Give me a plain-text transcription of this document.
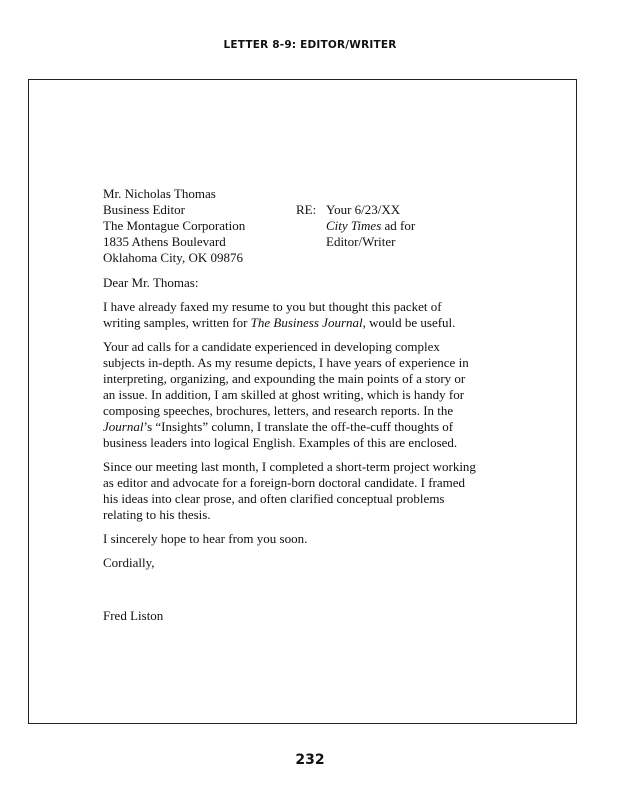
LETTER 8-9: EDITOR/WRITER
Mr. Nicholas Thomas
Business Editor
The Montague Corporation
1835 Athens Boulevard
Oklahoma City, OK 09876
RE: Your 6/23/XX
City Times ad for
Editor/Writer
Dear Mr. Thomas:
I have already faxed my resume to you but thought this packet of
writing samples, written for The Business Journal, would be useful.
Your ad calls for a candidate experienced in developing complex
subjects in-depth. As my resume depicts, I have years of experience in
interpreting, organizing, and expounding the main points of a story or
an issue. In addition, I am skilled at ghost writing, which is handy for
composing speeches, brochures, letters, and research reports. In the
Journal’s “Insights” column, I translate the off-the-cuff thoughts of
business leaders into logical English. Examples of this are enclosed.
Since our meeting last month, I completed a short-term project working
as editor and advocate for a foreign-born doctoral candidate. I framed
his ideas into clear prose, and often clarified conceptual problems
relating to his thesis.
I sincerely hope to hear from you soon.
Cordially,
Fred Liston
232
